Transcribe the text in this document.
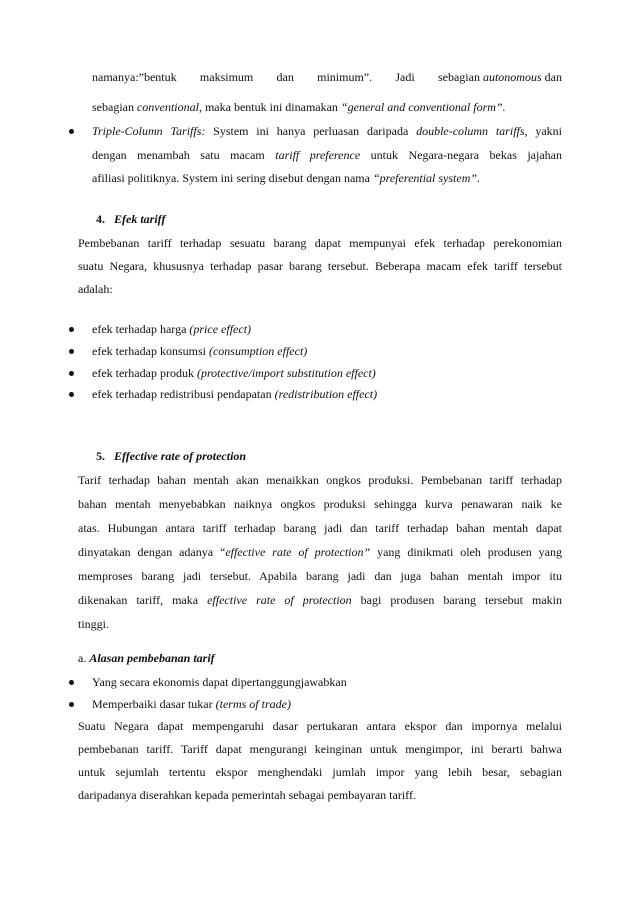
namanya:”bentuk maksimum dan minimum”. Jadi sebagian autonomous dan
sebagian conventional, maka bentuk ini dinamakan “general and conventional form”.
Triple-Column Tariffs: System ini hanya perluasan daripada double-column tariffs, yakni
dengan menambah satu macam tariff preference untuk Negara-negara bekas jajahan
afiliasi politiknya. System ini sering disebut dengan nama “preferential system”.
4. Efek tariff
Pembebanan tariff terhadap sesuatu barang dapat mempunyai efek terhadap perekonomian
suatu Negara, khususnya terhadap pasar barang tersebut. Beberapa macam efek tariff tersebut
adalah:
efek terhadap harga (price effect)
efek terhadap konsumsi (consumption effect)
efek terhadap produk (protective/import substitution effect)
efek terhadap redistribusi pendapatan (redistribution effect)
5. Effective rate of protection
Tarif terhadap bahan mentah akan menaikkan ongkos produksi. Pembebanan tariff terhadap
bahan mentah menyebabkan naiknya ongkos produksi sehingga kurva penawaran naik ke
atas. Hubungan antara tariff terhadap barang jadi dan tariff terhadap bahan mentah dapat
dinyatakan dengan adanya “effective rate of protection” yang dinikmati oleh produsen yang
memproses barang jadi tersebut. Apabila barang jadi dan juga bahan mentah impor itu
dikenakan tariff, maka effective rate of protection bagi produsen barang tersebut makin
tinggi.
a. Alasan pembebanan tarif
Yang secara ekonomis dapat dipertanggungjawabkan
Memperbaiki dasar tukar (terms of trade)
Suatu Negara dapat mempengaruhi dasar pertukaran antara ekspor dan impornya melalui
pembebanan tariff. Tariff dapat mengurangi keinginan untuk mengimpor, ini berarti bahwa
untuk sejumlah tertentu ekspor menghendaki jumlah impor yang lebih besar, sebagian
daripadanya diserahkan kepada pemerintah sebagai pembayaran tariff.
